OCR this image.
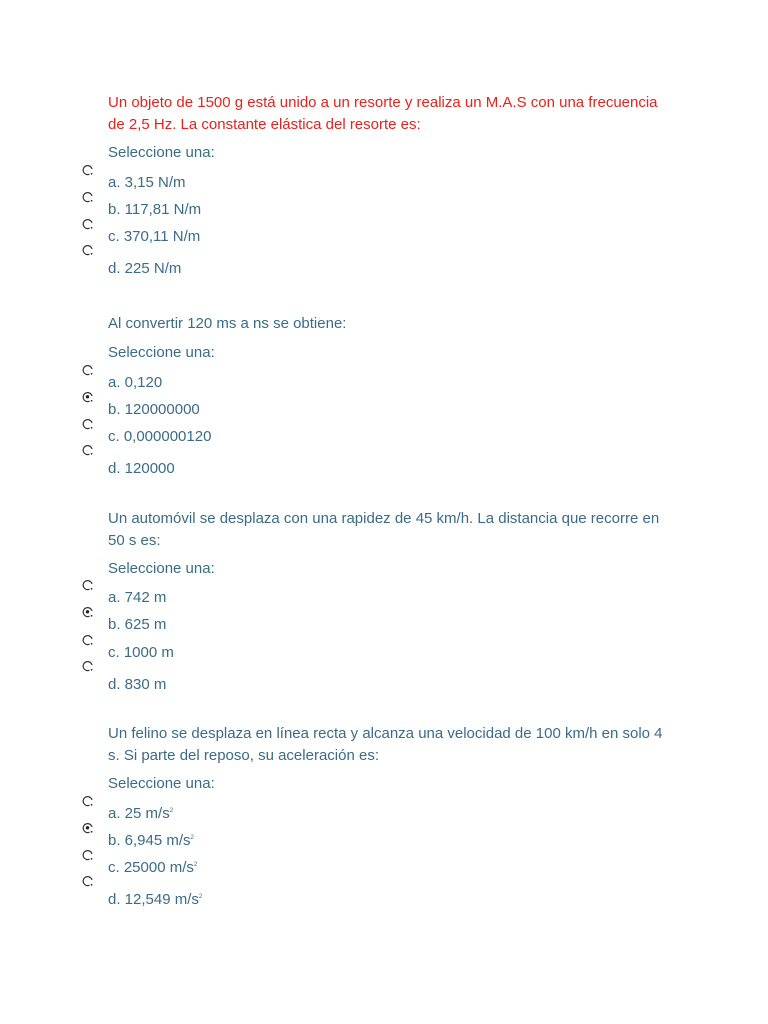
Un objeto de 1500 g está unido a un resorte y realiza un M.A.S con una frecuencia

de 2,5 Hz. La constante elástica del resorte es:

Seleccione una:

a. 3,15 N/m
b. 117,81 N/m
c. 370,11 N/m
d. 225 N/m

Al convertir 120 ms a ns se obtiene:

Seleccione una:

a. 0,120
b. 120000000
c. 0,000000120
d. 120000

Un automóvil se desplaza con una rapidez de 45 km/h. La distancia que recorre en

50 s es:

Seleccione una:

a. 742 m
b. 625 m
c. 1000 m
d. 830 m

Un felino se desplaza en línea recta y alcanza una velocidad de 100 km/h en solo 4

s. Si parte del reposo, su aceleración es:

Seleccione una:

a. 25 $m/s^2$
b. 6,945 $m/s^2$
c. 25000 $m/s^2$
d. 12,549 $m/s^2$
